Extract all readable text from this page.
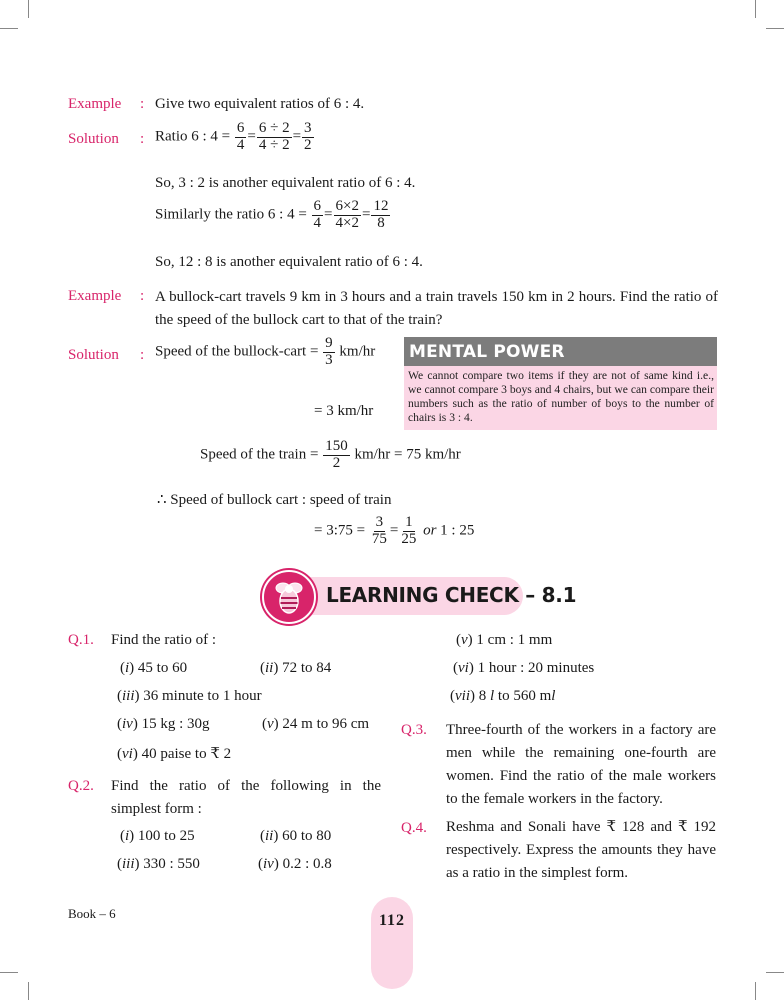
Example : Give two equivalent ratios of 6 : 4.
Solution : Ratio 6 : $4 = \frac{6}{4} = \frac{6 \div 2}{4 \div 2} = \frac{3}{2}$
So, 3 : 2 is another equivalent ratio of 6 : 4.
Similarly the ratio 6 : $4 = \frac{6}{4} = \frac{6\times 2}{4\times 2} = \frac{12}{8}$
So, 12 : 8 is another equivalent ratio of 6 : 4.
Example : A bullock-cart travels 9 km in 3 hours and a train travels 150 km in 2 hours. Find the ratio of the speed of the bullock cart to that of the train?
Solution : Speed of the bullock-cart = $\frac{9}{3} km/hr$
= 3 km/hr
MENTAL POWER
We cannot compare two items if they are not of same kind i.e., we cannot compare 3 boys and 4 chairs, but we can compare their numbers such as the ratio of number of boys to the number of chairs is 3 : 4.
Speed of the train = $\frac{150}{2} km/hr = 75$ km/hr
∴ Speed of bullock cart : speed of train
= 3:75 = $\frac{3}{75} = \frac{1}{25}$ or 1 : 25
LEARNING CHECK – 8.1
Q.1. Find the ratio of :
(i) 45 to 60	(ii) 72 to 84
(iii) 36 minute to 1 hour
(iv) 15 kg : 30g	(v) 24 m to 96 cm
(vi) 40 paise to ₹ 2
Q.2. Find the ratio of the following in the simplest form :
(i) 100 to 25	(ii) 60 to 80
(iii) 330 : 550	(iv) 0.2 : 0.8
(v) 1 cm : 1 mm
(vi) 1 hour : 20 minutes
(vii) 8 l to 560 ml
Q.3. Three-fourth of the workers in a factory are men while the remaining one-fourth are women. Find the ratio of the male workers to the female workers in the factory.
Q.4. Reshma and Sonali have ₹ 128 and ₹ 192 respectively. Express the amounts they have as a ratio in the simplest form.
Book – 6	112
